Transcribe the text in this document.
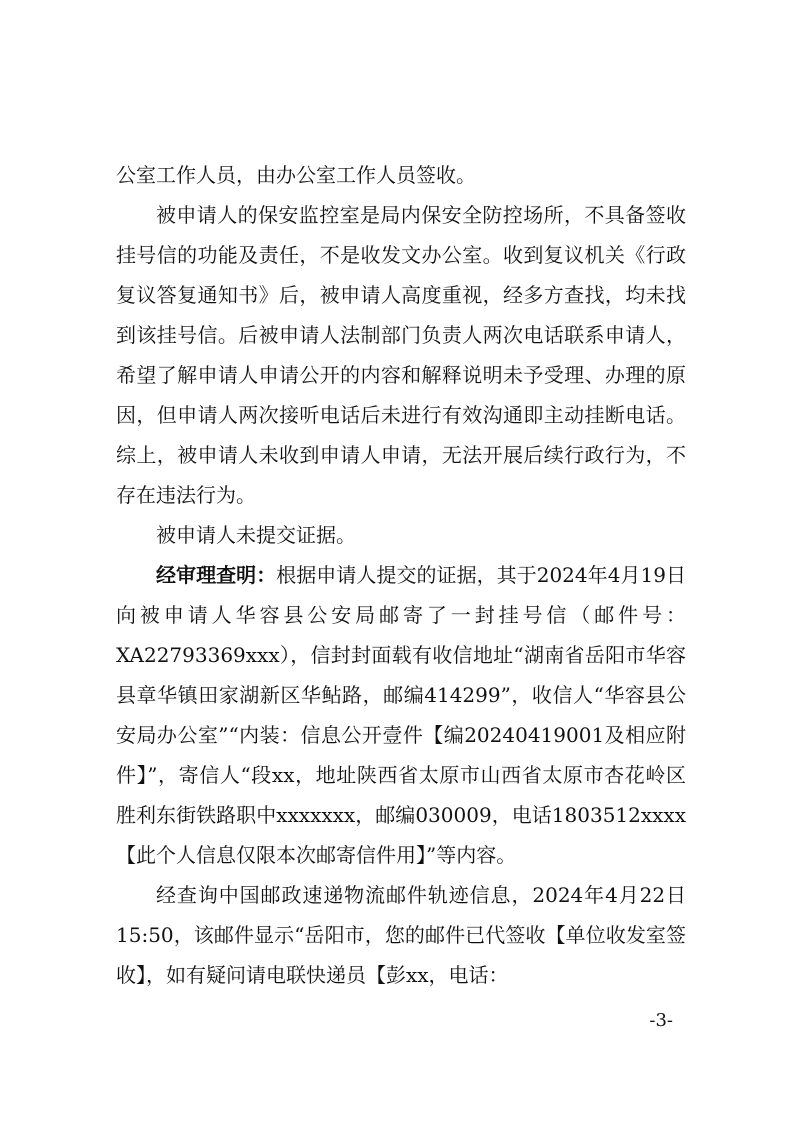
公室工作人员，由办公室工作人员签收。

被申请人的保安监控室是局内保安全防控场所，不具备签收挂号信的功能及责任，不是收发文办公室。收到复议机关《行政复议答复通知书》后，被申请人高度重视，经多方查找，均未找到该挂号信。后被申请人法制部门负责人两次电话联系申请人，希望了解申请人申请公开的内容和解释说明未予受理、办理的原因，但申请人两次接听电话后未进行有效沟通即主动挂断电话。综上，被申请人未收到申请人申请，无法开展后续行政行为，不存在违法行为。

被申请人未提交证据。

经审理查明：根据申请人提交的证据，其于2024年4月19日向被申请人华容县公安局邮寄了一封挂号信（邮件号：XA22793369xxx），信封封面载有收信地址“湖南省岳阳市华容县章华镇田家湖新区华鲇路，邮编414299”，收信人“华容县公安局办公室”“内装：信息公开壹件【编20240419001及相应附件】”，寄信人“段xx，地址陕西省太原市山西省太原市杏花岭区胜利东街铁路职中xxxxxxx，邮编030009，电话1803512xxxx【此个人信息仅限本次邮寄信件用】”等内容。

经查询中国邮政速递物流邮件轨迹信息，2024年4月22日15:50，该邮件显示“岳阳市，您的邮件已代签收【单位收发室签收】，如有疑问请电联快递员【彭xx，电话：

-3-
